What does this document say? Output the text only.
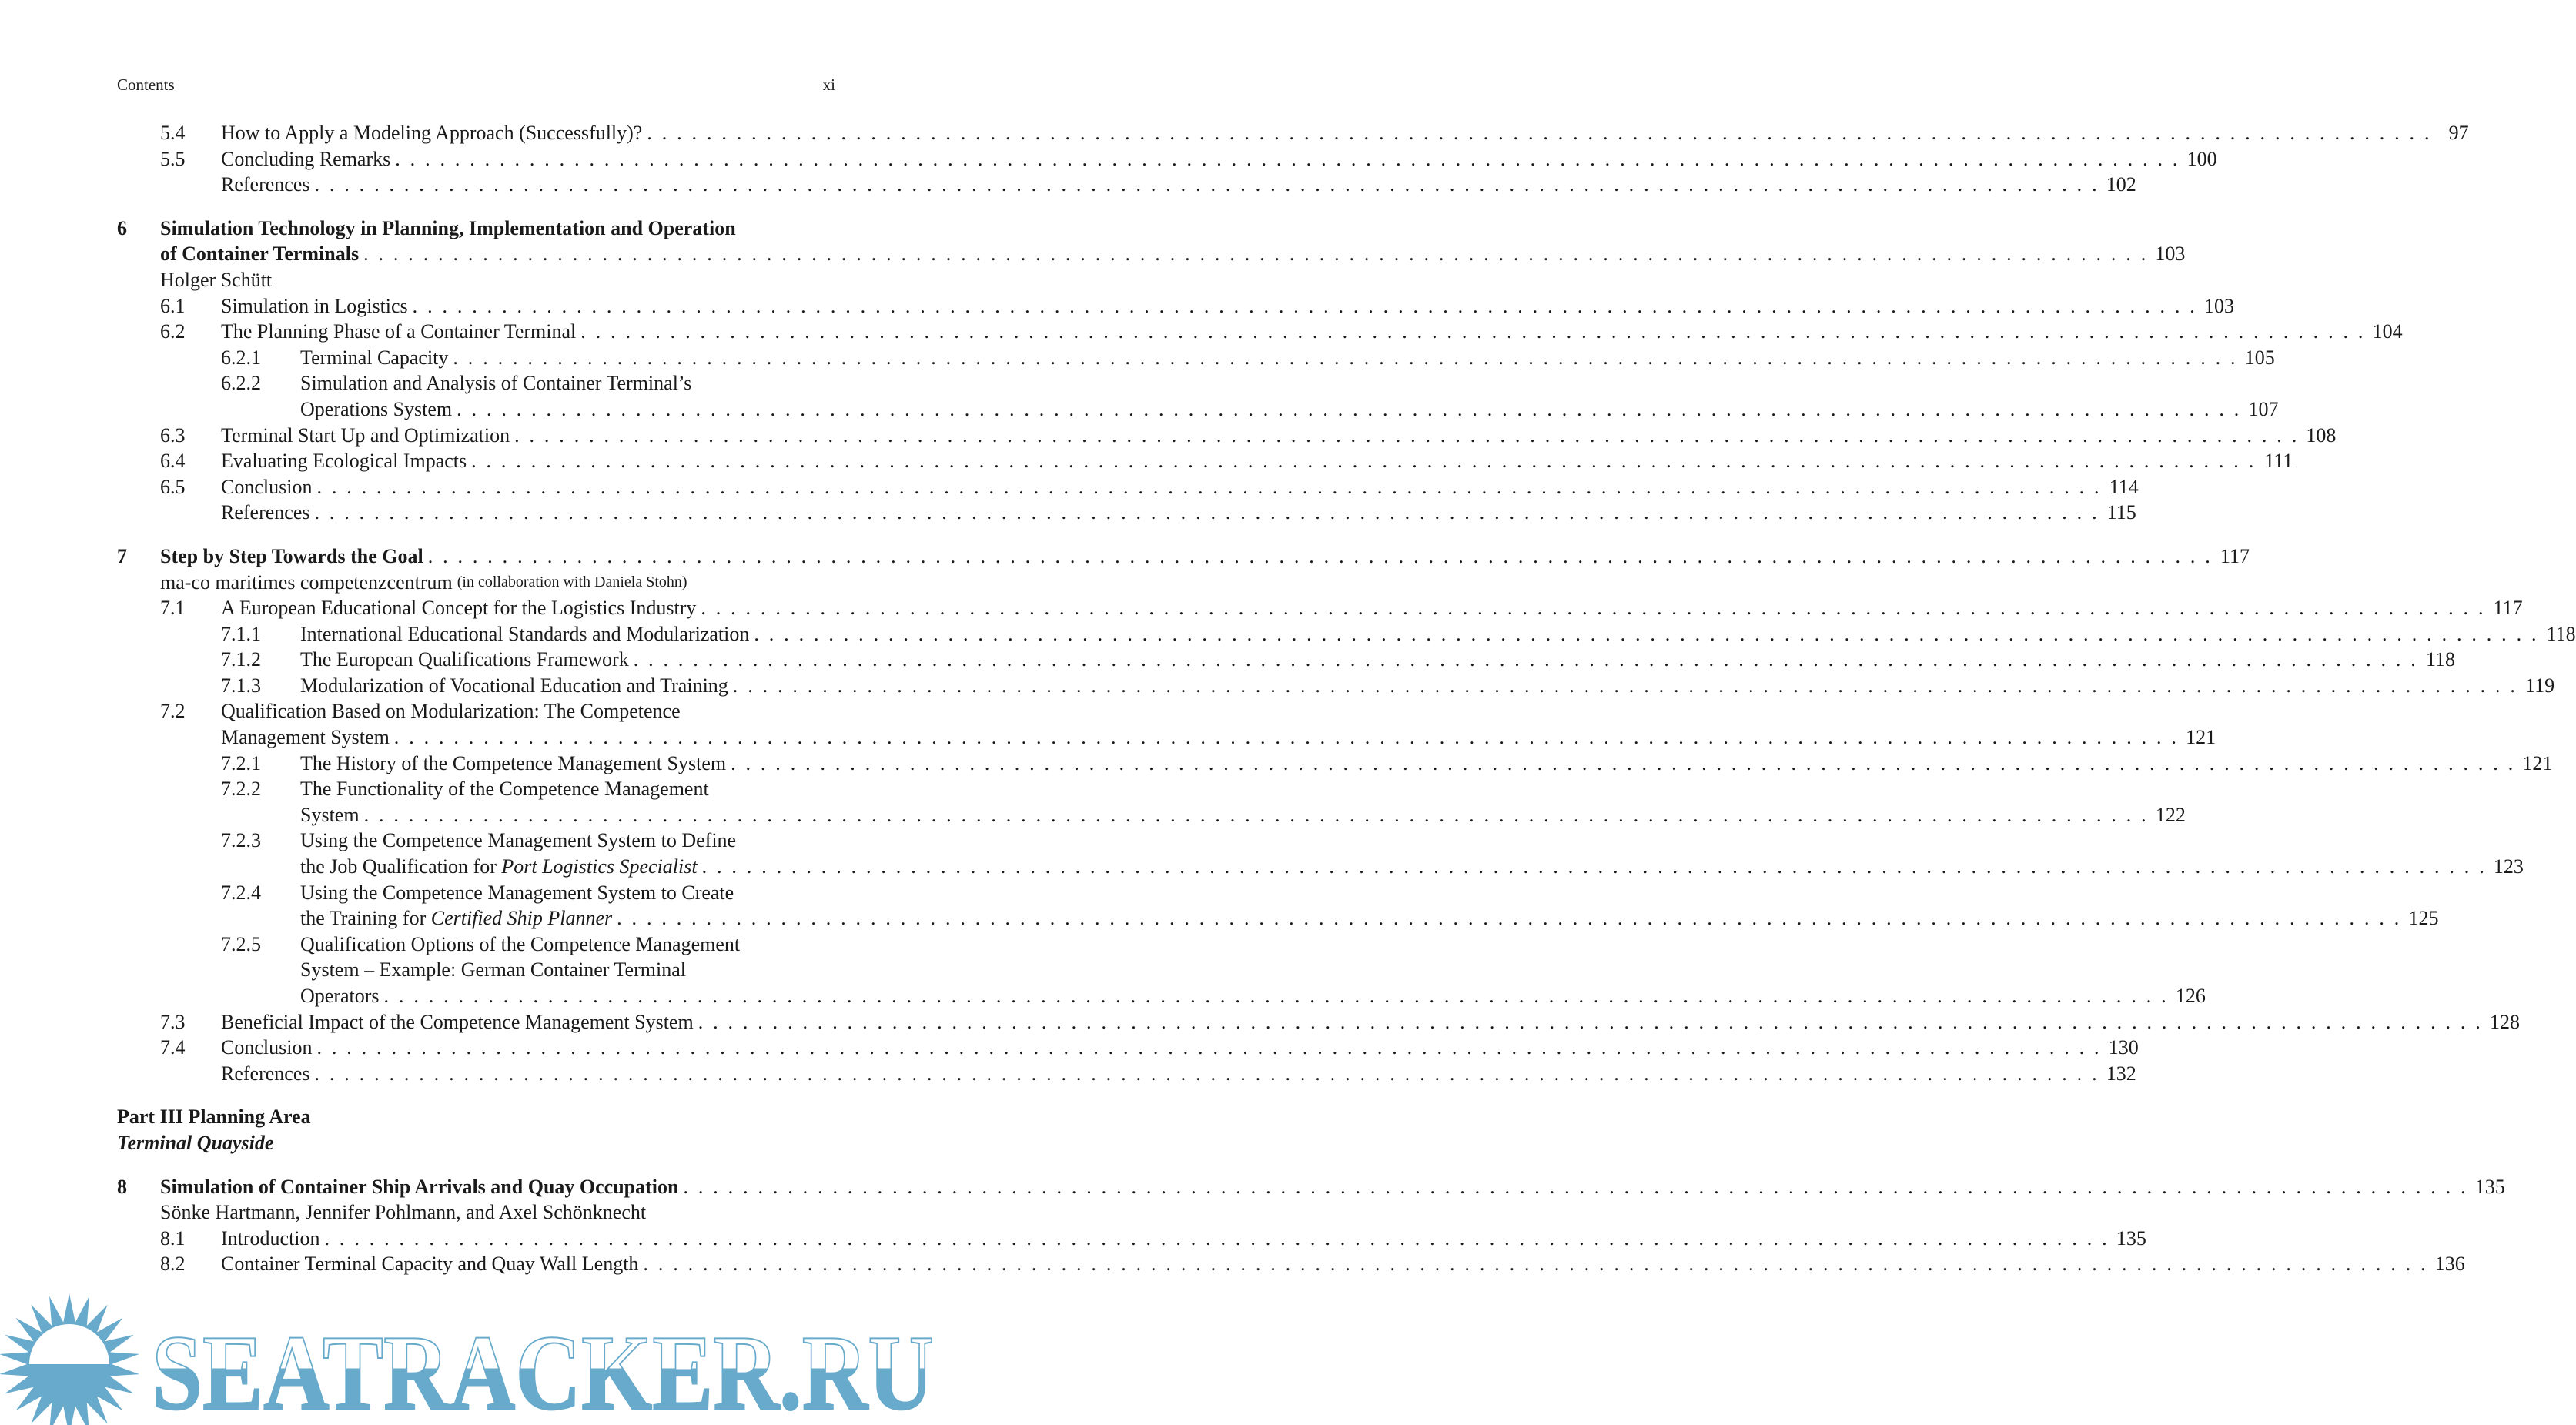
Contents	xi
5.4 How to Apply a Modeling Approach (Successfully)? . . . . . . . . . . . . . . . . . . . . . . . . . . . . . . . . . . . . . . . . . . . . . . . . . . . . . . . . . . . . . . . . . . . . . . . . . . . . . . . . . . . . . . . . . . . . . . . . . . . . . . . . . . . . . . . . . . . . . . . . 97
5.5 Concluding Remarks . . . . . . . . . . . . . . . . . . . . . . . . . . . . . . . . . . . . . . . . . . . . . . . . . . . . . . . . . . . . . . . . . . . . . . . . . . . . . . . . . . . . . . . . . . . . . . . . . . . . . . . . . . . . . . . . . . . . . . . . 100
References . . . . . . . . . . . . . . . . . . . . . . . . . . . . . . . . . . . . . . . . . . . . . . . . . . . . . . . . . . . . . . . . . . . . . . . . . . . . . . . . . . . . . . . . . . . . . . . . . . . . . . . . . . . . . . . . . . . . . . . . 102
6 Simulation Technology in Planning, Implementation and Operation
of Container Terminals . . . . . . . . . . . . . . . . . . . . . . . . . . . . . . . . . . . . . . . . . . . . . . . . . . . . . . . . . . . . . . . . . . . . . . . . . . . . . . . . . . . . . . . . . . . . . . . . . . . . . . . . . . . . . . . . . . . . . . . . 103
Holger Schütt
6.1 Simulation in Logistics . . . . . . . . . . . . . . . . . . . . . . . . . . . . . . . . . . . . . . . . . . . . . . . . . . . . . . . . . . . . . . . . . . . . . . . . . . . . . . . . . . . . . . . . . . . . . . . . . . . . . . . . . . . . . . . . . . . . . . . . 103
6.2 The Planning Phase of a Container Terminal . . . . . . . . . . . . . . . . . . . . . . . . . . . . . . . . . . . . . . . . . . . . . . . . . . . . . . . . . . . . . . . . . . . . . . . . . . . . . . . . . . . . . . . . . . . . . . . . . . . . . . . . . . . . . . . . . . . . . . . . 104
6.2.1 Terminal Capacity . . . . . . . . . . . . . . . . . . . . . . . . . . . . . . . . . . . . . . . . . . . . . . . . . . . . . . . . . . . . . . . . . . . . . . . . . . . . . . . . . . . . . . . . . . . . . . . . . . . . . . . . . . . . . . . . . . . . . . . . 105
6.2.2 Simulation and Analysis of Container Terminal’s
Operations System . . . . . . . . . . . . . . . . . . . . . . . . . . . . . . . . . . . . . . . . . . . . . . . . . . . . . . . . . . . . . . . . . . . . . . . . . . . . . . . . . . . . . . . . . . . . . . . . . . . . . . . . . . . . . . . . . . . . . . . . 107
6.3 Terminal Start Up and Optimization . . . . . . . . . . . . . . . . . . . . . . . . . . . . . . . . . . . . . . . . . . . . . . . . . . . . . . . . . . . . . . . . . . . . . . . . . . . . . . . . . . . . . . . . . . . . . . . . . . . . . . . . . . . . . . . . . . . . . . . . 108
6.4 Evaluating Ecological Impacts . . . . . . . . . . . . . . . . . . . . . . . . . . . . . . . . . . . . . . . . . . . . . . . . . . . . . . . . . . . . . . . . . . . . . . . . . . . . . . . . . . . . . . . . . . . . . . . . . . . . . . . . . . . . . . . . . . . . . . . . 111
6.5 Conclusion . . . . . . . . . . . . . . . . . . . . . . . . . . . . . . . . . . . . . . . . . . . . . . . . . . . . . . . . . . . . . . . . . . . . . . . . . . . . . . . . . . . . . . . . . . . . . . . . . . . . . . . . . . . . . . . . . . . . . . . . 114
References . . . . . . . . . . . . . . . . . . . . . . . . . . . . . . . . . . . . . . . . . . . . . . . . . . . . . . . . . . . . . . . . . . . . . . . . . . . . . . . . . . . . . . . . . . . . . . . . . . . . . . . . . . . . . . . . . . . . . . . . 115
7 Step by Step Towards the Goal . . . . . . . . . . . . . . . . . . . . . . . . . . . . . . . . . . . . . . . . . . . . . . . . . . . . . . . . . . . . . . . . . . . . . . . . . . . . . . . . . . . . . . . . . . . . . . . . . . . . . . . . . . . . . . . . . . . . . . . . 117
ma-co maritimes competenzcentrum (in collaboration with Daniela Stohn)
7.1 A European Educational Concept for the Logistics Industry . . . . . . . . . . . . . . . . . . . . . . . . . . . . . . . . . . . . . . . . . . . . . . . . . . . . . . . . . . . . . . . . . . . . . . . . . . . . . . . . . . . . . . . . . . . . . . . . . . . . . . . . . . . . . . . . . . . . . . . . 117
7.1.1 International Educational Standards and Modularization . . . . . . . . . . . . . . . . . . . . . . . . . . . . . . . . . . . . . . . . . . . . . . . . . . . . . . . . . . . . . . . . . . . . . . . . . . . . . . . . . . . . . . . . . . . . . . . . . . . . . . . . . . . . . . . . . . . . . . . . 118
7.1.2 The European Qualifications Framework . . . . . . . . . . . . . . . . . . . . . . . . . . . . . . . . . . . . . . . . . . . . . . . . . . . . . . . . . . . . . . . . . . . . . . . . . . . . . . . . . . . . . . . . . . . . . . . . . . . . . . . . . . . . . . . . . . . . . . . . 118
7.1.3 Modularization of Vocational Education and Training . . . . . . . . . . . . . . . . . . . . . . . . . . . . . . . . . . . . . . . . . . . . . . . . . . . . . . . . . . . . . . . . . . . . . . . . . . . . . . . . . . . . . . . . . . . . . . . . . . . . . . . . . . . . . . . . . . . . . . . . 119
7.2 Qualification Based on Modularization: The Competence
Management System . . . . . . . . . . . . . . . . . . . . . . . . . . . . . . . . . . . . . . . . . . . . . . . . . . . . . . . . . . . . . . . . . . . . . . . . . . . . . . . . . . . . . . . . . . . . . . . . . . . . . . . . . . . . . . . . . . . . . . . . 121
7.2.1 The History of the Competence Management System . . . . . . . . . . . . . . . . . . . . . . . . . . . . . . . . . . . . . . . . . . . . . . . . . . . . . . . . . . . . . . . . . . . . . . . . . . . . . . . . . . . . . . . . . . . . . . . . . . . . . . . . . . . . . . . . . . . . . . . . 121
7.2.2 The Functionality of the Competence Management
System . . . . . . . . . . . . . . . . . . . . . . . . . . . . . . . . . . . . . . . . . . . . . . . . . . . . . . . . . . . . . . . . . . . . . . . . . . . . . . . . . . . . . . . . . . . . . . . . . . . . . . . . . . . . . . . . . . . . . . . . 122
7.2.3 Using the Competence Management System to Define
the Job Qualification for Port Logistics Specialist . . . . . . . . . . . . . . . . . . . . . . . . . . . . . . . . . . . . . . . . . . . . . . . . . . . . . . . . . . . . . . . . . . . . . . . . . . . . . . . . . . . . . . . . . . . . . . . . . . . . . . . . . . . . . . . . . . . . . . . . 123
7.2.4 Using the Competence Management System to Create
the Training for Certified Ship Planner . . . . . . . . . . . . . . . . . . . . . . . . . . . . . . . . . . . . . . . . . . . . . . . . . . . . . . . . . . . . . . . . . . . . . . . . . . . . . . . . . . . . . . . . . . . . . . . . . . . . . . . . . . . . . . . . . . . . . . . . 125
7.2.5 Qualification Options of the Competence Management
System – Example: German Container Terminal
Operators . . . . . . . . . . . . . . . . . . . . . . . . . . . . . . . . . . . . . . . . . . . . . . . . . . . . . . . . . . . . . . . . . . . . . . . . . . . . . . . . . . . . . . . . . . . . . . . . . . . . . . . . . . . . . . . . . . . . . . . . 126
7.3 Beneficial Impact of the Competence Management System . . . . . . . . . . . . . . . . . . . . . . . . . . . . . . . . . . . . . . . . . . . . . . . . . . . . . . . . . . . . . . . . . . . . . . . . . . . . . . . . . . . . . . . . . . . . . . . . . . . . . . . . . . . . . . . . . . . . . . . . 128
7.4 Conclusion . . . . . . . . . . . . . . . . . . . . . . . . . . . . . . . . . . . . . . . . . . . . . . . . . . . . . . . . . . . . . . . . . . . . . . . . . . . . . . . . . . . . . . . . . . . . . . . . . . . . . . . . . . . . . . . . . . . . . . . . 130
References . . . . . . . . . . . . . . . . . . . . . . . . . . . . . . . . . . . . . . . . . . . . . . . . . . . . . . . . . . . . . . . . . . . . . . . . . . . . . . . . . . . . . . . . . . . . . . . . . . . . . . . . . . . . . . . . . . . . . . . . 132
Part III Planning Area
Terminal Quayside
8 Simulation of Container Ship Arrivals and Quay Occupation . . . . . . . . . . . . . . . . . . . . . . . . . . . . . . . . . . . . . . . . . . . . . . . . . . . . . . . . . . . . . . . . . . . . . . . . . . . . . . . . . . . . . . . . . . . . . . . . . . . . . . . . . . . . . . . . . . . . . . . . 135
Sönke Hartmann, Jennifer Pohlmann, and Axel Schönknecht
8.1 Introduction . . . . . . . . . . . . . . . . . . . . . . . . . . . . . . . . . . . . . . . . . . . . . . . . . . . . . . . . . . . . . . . . . . . . . . . . . . . . . . . . . . . . . . . . . . . . . . . . . . . . . . . . . . . . . . . . . . . . . . . . 135
8.2 Container Terminal Capacity and Quay Wall Length . . . . . . . . . . . . . . . . . . . . . . . . . . . . . . . . . . . . . . . . . . . . . . . . . . . . . . . . . . . . . . . . . . . . . . . . . . . . . . . . . . . . . . . . . . . . . . . . . . . . . . . . . . . . . . . . . . . . . . . . 136
SEATRACKER.RU
